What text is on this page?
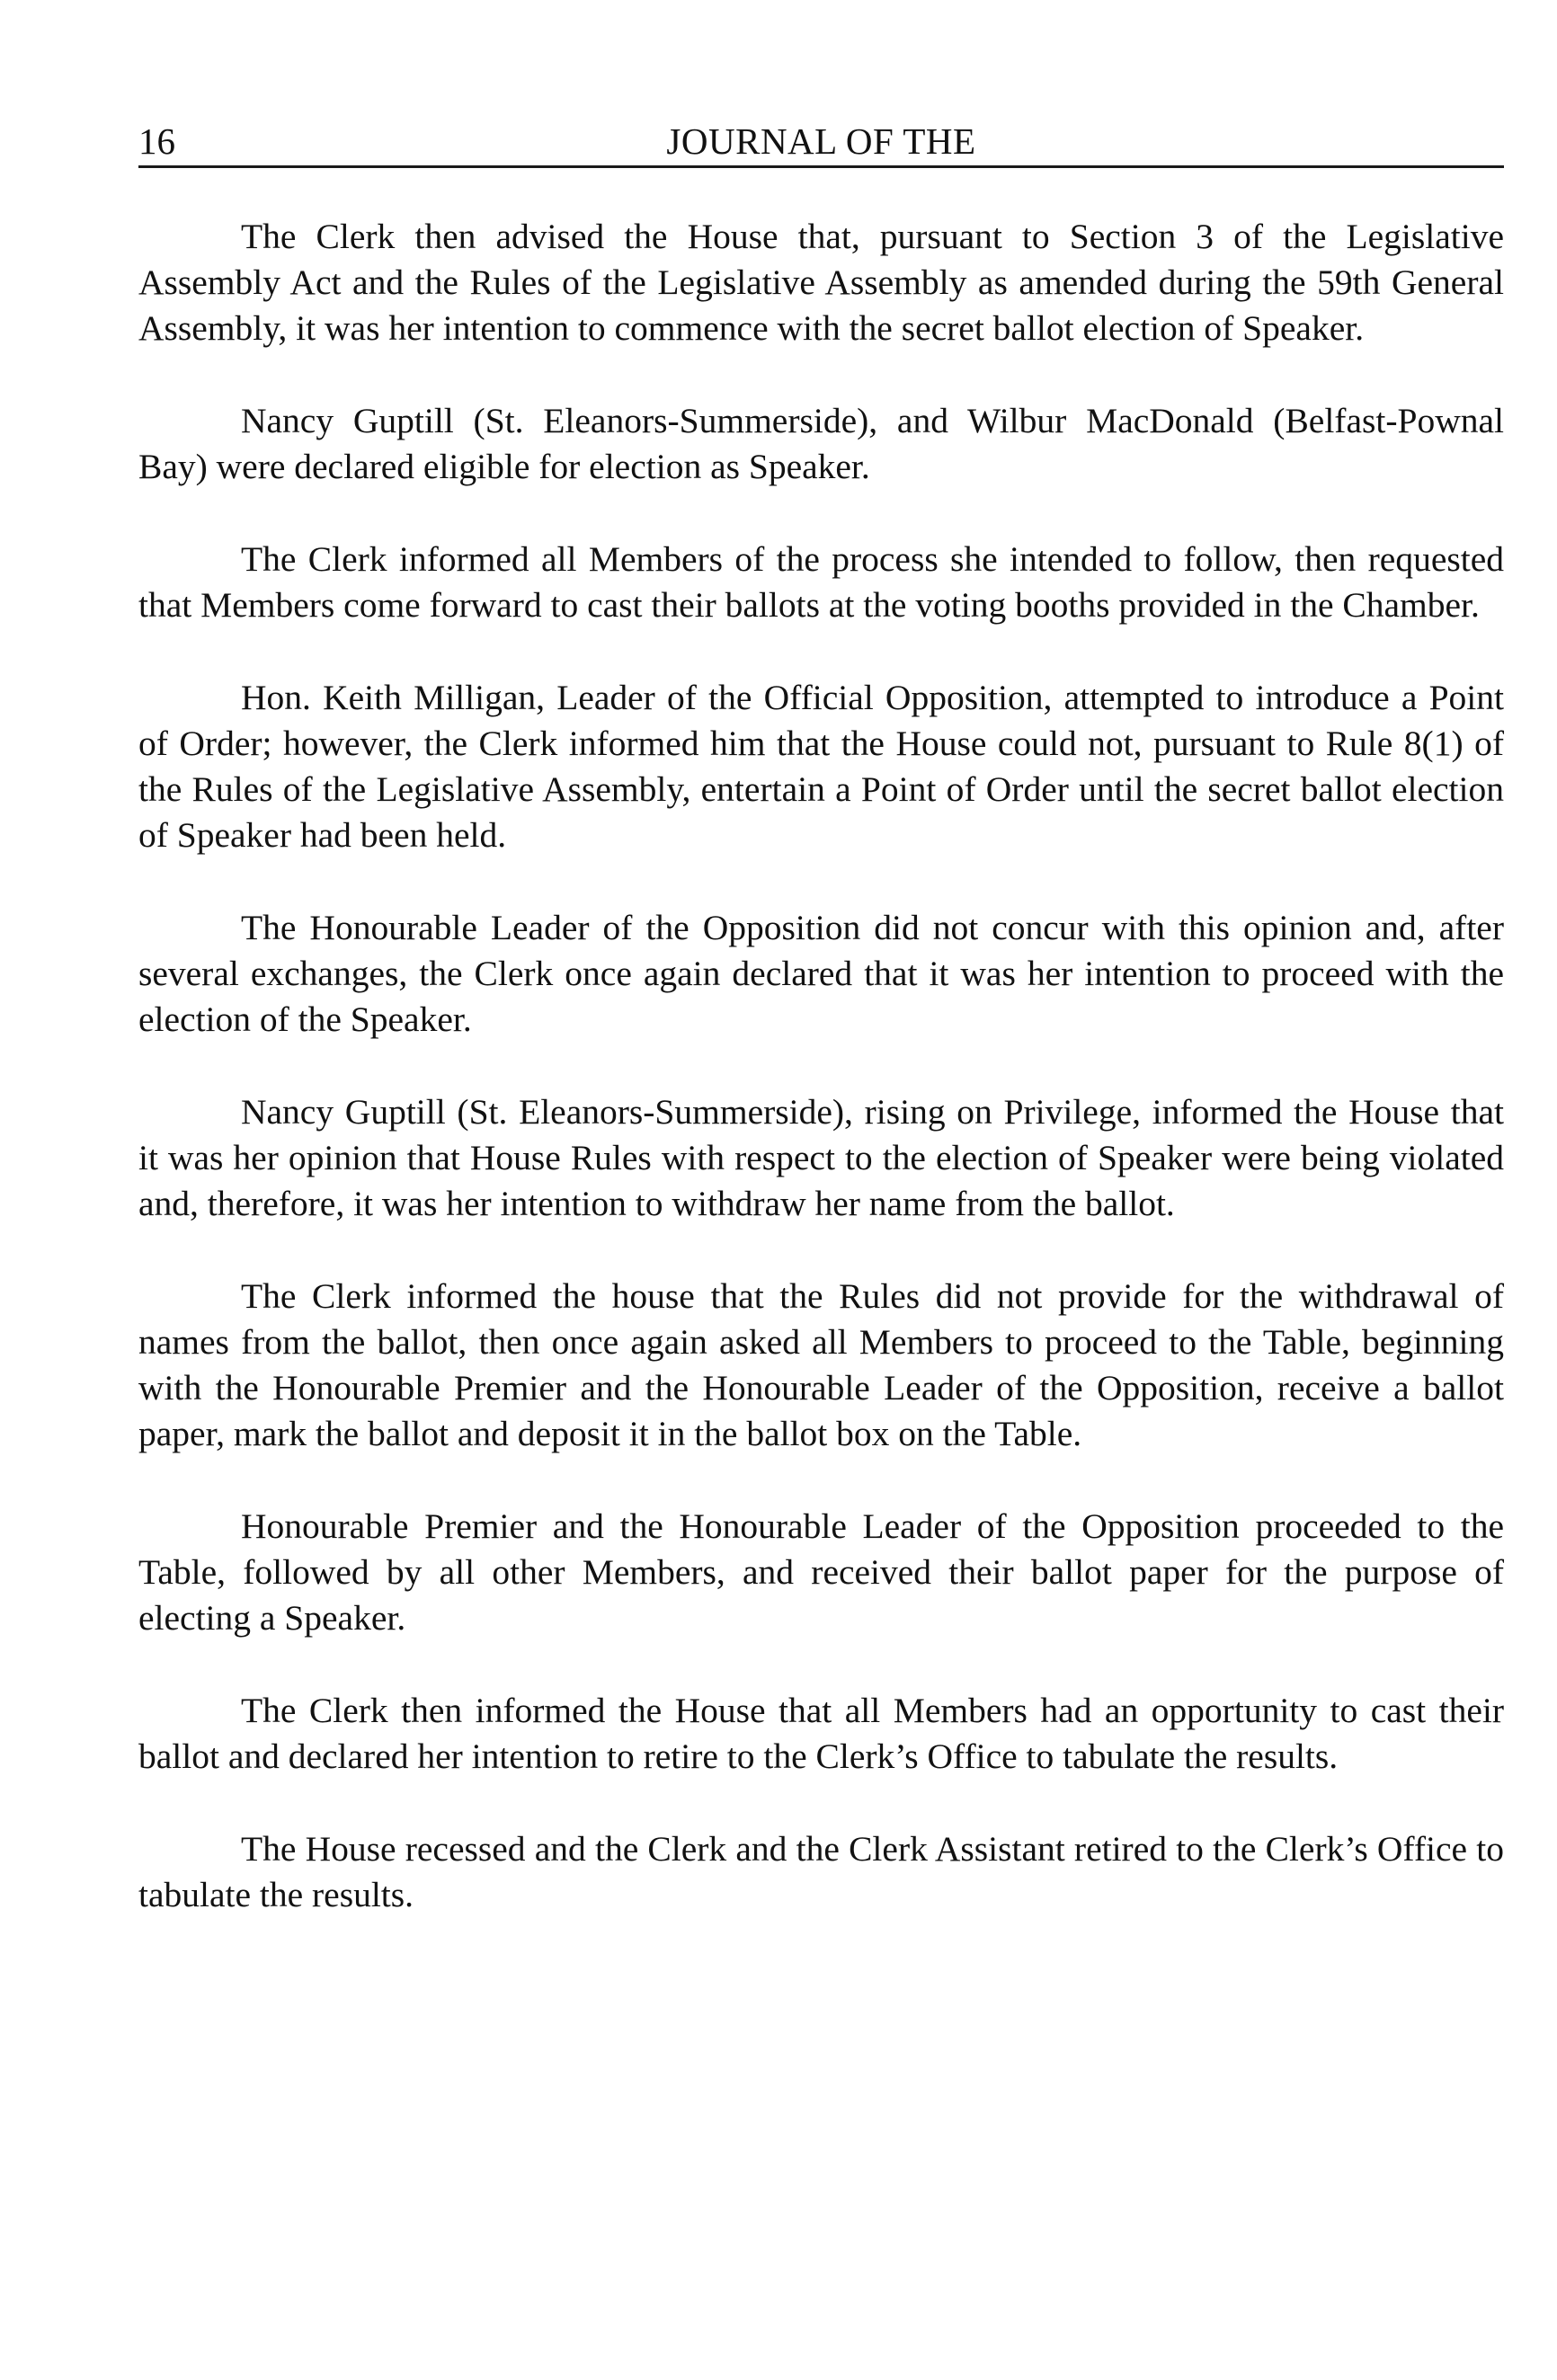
16	JOURNAL OF THE

The Clerk then advised the House that, pursuant to Section 3 of the Legislative Assembly Act and the Rules of the Legislative Assembly as amended during the 59th General Assembly, it was her intention to commence with the secret ballot election of Speaker.

Nancy Guptill (St. Eleanors-Summerside), and Wilbur MacDonald (Belfast-Pownal Bay) were declared eligible for election as Speaker.

The Clerk informed all Members of the process she intended to follow, then requested that Members come forward to cast their ballots at the voting booths provided in the Chamber.

Hon. Keith Milligan, Leader of the Official Opposition, attempted to introduce a Point of Order; however, the Clerk informed him that the House could not, pursuant to Rule 8(1) of the Rules of the Legislative Assembly, entertain a Point of Order until the secret ballot election of Speaker had been held.

The Honourable Leader of the Opposition did not concur with this opinion and, after several exchanges, the Clerk once again declared that it was her intention to proceed with the election of the Speaker.

Nancy Guptill (St. Eleanors-Summerside), rising on Privilege, informed the House that it was her opinion that House Rules with respect to the election of Speaker were being violated and, therefore, it was her intention to withdraw her name from the ballot.

The Clerk informed the house that the Rules did not provide for the withdrawal of names from the ballot, then once again asked all Members to proceed to the Table, beginning with the Honourable Premier and the Honourable Leader of the Opposition, receive a ballot paper, mark the ballot and deposit it in the ballot box on the Table.

Honourable Premier and the Honourable Leader of the Opposition proceeded to the Table, followed by all other Members, and received their ballot paper for the purpose of electing a Speaker.

The Clerk then informed the House that all Members had an opportunity to cast their ballot and declared her intention to retire to the Clerk’s Office to tabulate the results.

The House recessed and the Clerk and the Clerk Assistant retired to the Clerk’s Office to tabulate the results.
